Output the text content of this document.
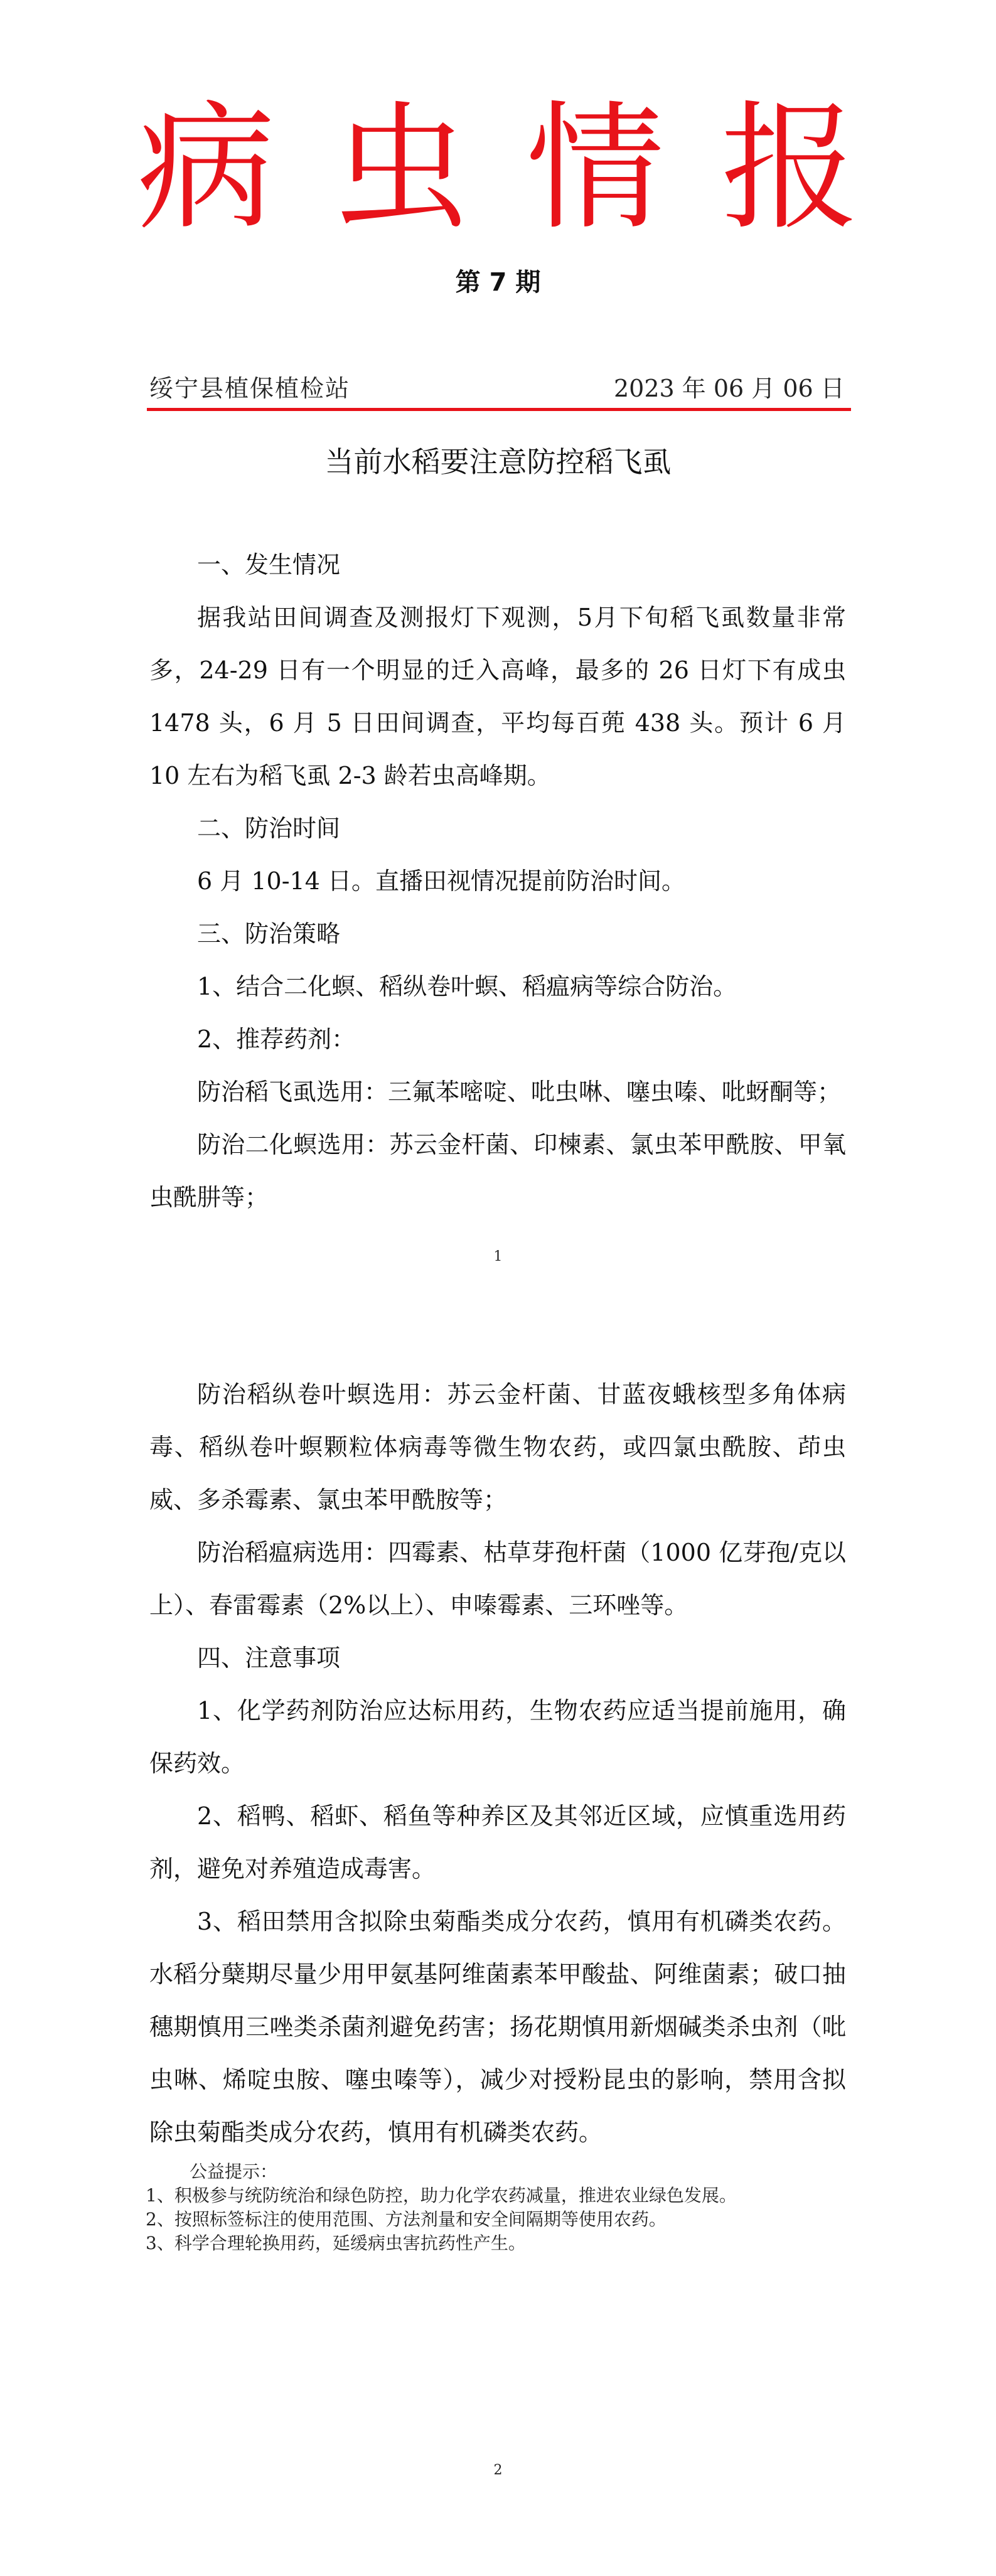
病虫情报
第 7 期
绥宁县植保植检站	2023 年 06 月 06 日
当前水稻要注意防控稻飞虱

一、发生情况

据我站田间调查及测报灯下观测，5月下旬稻飞虱数量非常多，24-29 日有一个明显的迁入高峰，最多的 26 日灯下有成虫 1478 头，6 月 5 日田间调查，平均每百蔸 438 头。预计 6 月 10 左右为稻飞虱 2-3 龄若虫高峰期。

二、防治时间

6 月 10-14 日。直播田视情况提前防治时间。

三、防治策略

1、结合二化螟、稻纵卷叶螟、稻瘟病等综合防治。

2、推荐药剂：

防治稻飞虱选用：三氟苯嘧啶、吡虫啉、噻虫嗪、吡蚜酮等；

防治二化螟选用：苏云金杆菌、印楝素、氯虫苯甲酰胺、甲氧虫酰肼等；

1

防治稻纵卷叶螟选用：苏云金杆菌、甘蓝夜蛾核型多角体病毒、稻纵卷叶螟颗粒体病毒等微生物农药，或四氯虫酰胺、茚虫威、多杀霉素、氯虫苯甲酰胺等；

防治稻瘟病选用：四霉素、枯草芽孢杆菌（1000 亿芽孢/克以上）、春雷霉素（2%以上）、申嗪霉素、三环唑等。

四、注意事项

1、化学药剂防治应达标用药，生物农药应适当提前施用，确保药效。

2、稻鸭、稻虾、稻鱼等种养区及其邻近区域，应慎重选用药剂，避免对养殖造成毒害。

3、稻田禁用含拟除虫菊酯类成分农药，慎用有机磷类农药。水稻分蘖期尽量少用甲氨基阿维菌素苯甲酸盐、阿维菌素；破口抽穗期慎用三唑类杀菌剂避免药害；扬花期慎用新烟碱类杀虫剂（吡虫啉、烯啶虫胺、噻虫嗪等），减少对授粉昆虫的影响，禁用含拟除虫菊酯类成分农药，慎用有机磷类农药。

公益提示：
1、积极参与统防统治和绿色防控，助力化学农药减量，推进农业绿色发展。
2、按照标签标注的使用范围、方法剂量和安全间隔期等使用农药。
3、科学合理轮换用药，延缓病虫害抗药性产生。
2
